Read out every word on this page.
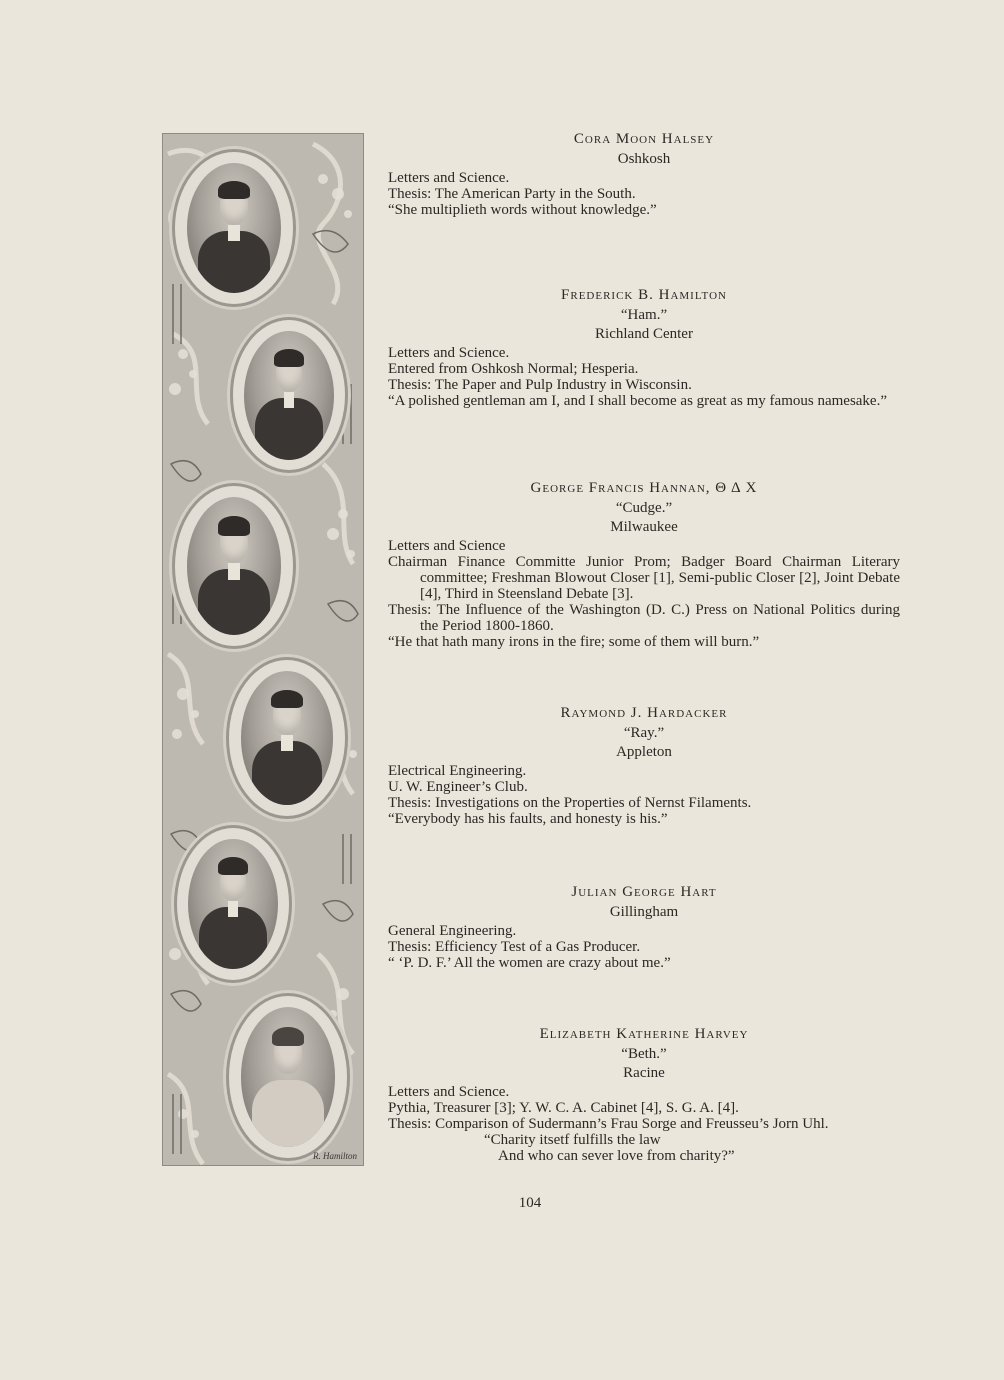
R. Hamilton
Cora Moon Halsey
Oshkosh
Letters and Science.
Thesis: The American Party in the South.
“She multiplieth words without knowledge.”
Frederick B. Hamilton
“Ham.”
Richland Center
Letters and Science.
Entered from Oshkosh Normal; Hesperia.
Thesis: The Paper and Pulp Industry in Wisconsin.
“A polished gentleman am I, and I shall become as great as my famous namesake.”
George Francis Hannan, Θ Δ X
“Cudge.”
Milwaukee
Letters and Science
Chairman Finance Committe Junior Prom; Badger Board Chairman Literary committee; Freshman Blowout Closer [1], Semi-public Closer [2], Joint Debate [4], Third in Steensland Debate [3].
Thesis: The Influence of the Washington (D. C.) Press on National Politics during the Period 1800-1860.
“He that hath many irons in the fire; some of them will burn.”
Raymond J. Hardacker
“Ray.”
Appleton
Electrical Engineering.
U. W. Engineer’s Club.
Thesis: Investigations on the Properties of Nernst Filaments.
“Everybody has his faults, and honesty is his.”
Julian George Hart
Gillingham
General Engineering.
Thesis: Efficiency Test of a Gas Producer.
“ ‘P. D. F.’ All the women are crazy about me.”
Elizabeth Katherine Harvey
“Beth.”
Racine
Letters and Science.
Pythia, Treasurer [3]; Y. W. C. A. Cabinet [4], S. G. A. [4].
Thesis: Comparison of Sudermann’s Frau Sorge and Freusseu’s Jorn Uhl.
“Charity itsetf fulfills the law
And who can sever love from charity?”
104
